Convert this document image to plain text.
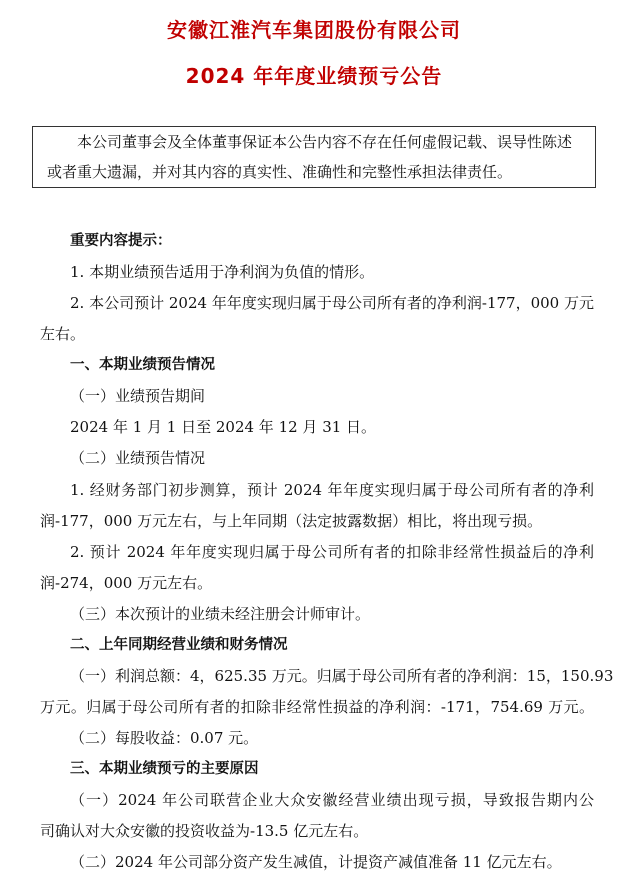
安徽江淮汽车集团股份有限公司
2024 年年度业绩预亏公告

本公司董事会及全体董事保证本公告内容不存在任何虚假记载、误导性陈述或者重大遗漏，并对其内容的真实性、准确性和完整性承担法律责任。

重要内容提示：

1. 本期业绩预告适用于净利润为负值的情形。

2. 本公司预计 2024 年年度实现归属于母公司所有者的净利润-177，000 万元

左右。

一、本期业绩预告情况

（一）业绩预告期间

2024 年 1 月 1 日至 2024 年 12 月 31 日。

（二）业绩预告情况

1. 经财务部门初步测算，预计 2024 年年度实现归属于母公司所有者的净利

润-177，000 万元左右，与上年同期（法定披露数据）相比，将出现亏损。

2. 预计 2024 年年度实现归属于母公司所有者的扣除非经常性损益后的净利

润-274，000 万元左右。

（三）本次预计的业绩未经注册会计师审计。

二、上年同期经营业绩和财务情况

（一）利润总额：4，625.35 万元。归属于母公司所有者的净利润：15，150.93

万元。归属于母公司所有者的扣除非经常性损益的净利润：-171，754.69 万元。

（二）每股收益：0.07 元。

三、本期业绩预亏的主要原因

（一）2024 年公司联营企业大众安徽经营业绩出现亏损，导致报告期内公

司确认对大众安徽的投资收益为-13.5 亿元左右。

（二）2024 年公司部分资产发生减值，计提资产减值准备 11 亿元左右。
